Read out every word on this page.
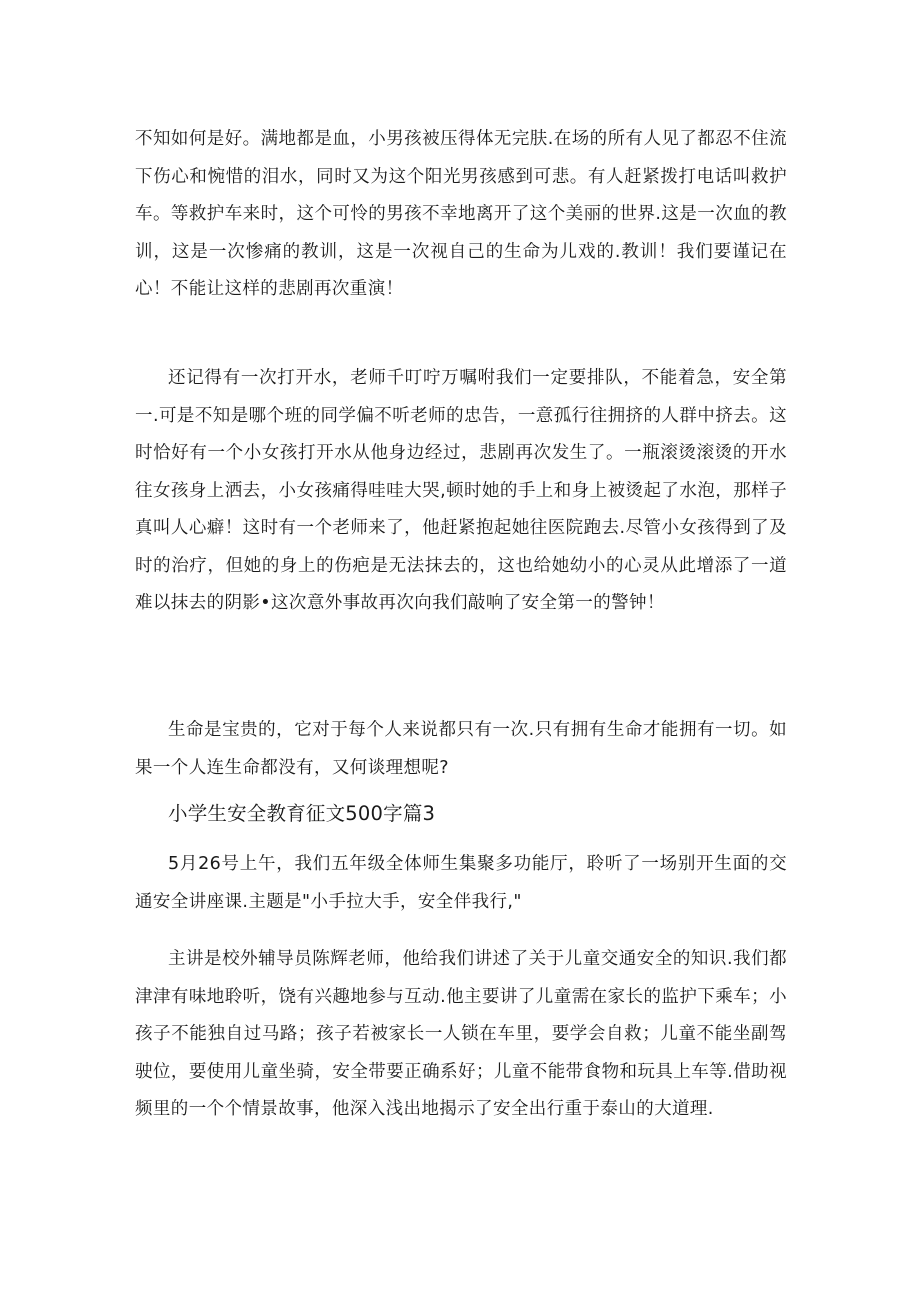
不知如何是好。满地都是血，小男孩被压得体无完肤.在场的所有人见了都忍不住流下伤心和惋惜的泪水，同时又为这个阳光男孩感到可悲。有人赶紧拨打电话叫救护车。等救护车来时，这个可怜的男孩不幸地离开了这个美丽的世界.这是一次血的教训，这是一次惨痛的教训，这是一次视自己的生命为儿戏的.教训！我们要谨记在心！不能让这样的悲剧再次重演！

还记得有一次打开水，老师千叮咛万嘱咐我们一定要排队，不能着急，安全第一.可是不知是哪个班的同学偏不听老师的忠告，一意孤行往拥挤的人群中挤去。这时恰好有一个小女孩打开水从他身边经过，悲剧再次发生了。一瓶滚烫滚烫的开水往女孩身上洒去，小女孩痛得哇哇大哭,顿时她的手上和身上被烫起了水泡，那样子真叫人心癖！这时有一个老师来了，他赶紧抱起她往医院跑去.尽管小女孩得到了及时的治疗，但她的身上的伤疤是无法抹去的，这也给她幼小的心灵从此增添了一道难以抹去的阴影•这次意外事故再次向我们敲响了安全第一的警钟！

生命是宝贵的，它对于每个人来说都只有一次.只有拥有生命才能拥有一切。如果一个人连生命都没有，又何谈理想呢?

小学生安全教育征文500字篇3

5月26号上午，我们五年级全体师生集聚多功能厅，聆听了一场别开生面的交通安全讲座课.主题是"小手拉大手，安全伴我行,"

主讲是校外辅导员陈辉老师，他给我们讲述了关于儿童交通安全的知识.我们都津津有味地聆听，饶有兴趣地参与互动.他主要讲了儿童需在家长的监护下乘车；小孩子不能独自过马路；孩子若被家长一人锁在车里，要学会自救；儿童不能坐副驾驶位，要使用儿童坐骑，安全带要正确系好；儿童不能带食物和玩具上车等.借助视频里的一个个情景故事，他深入浅出地揭示了安全出行重于泰山的大道理.
